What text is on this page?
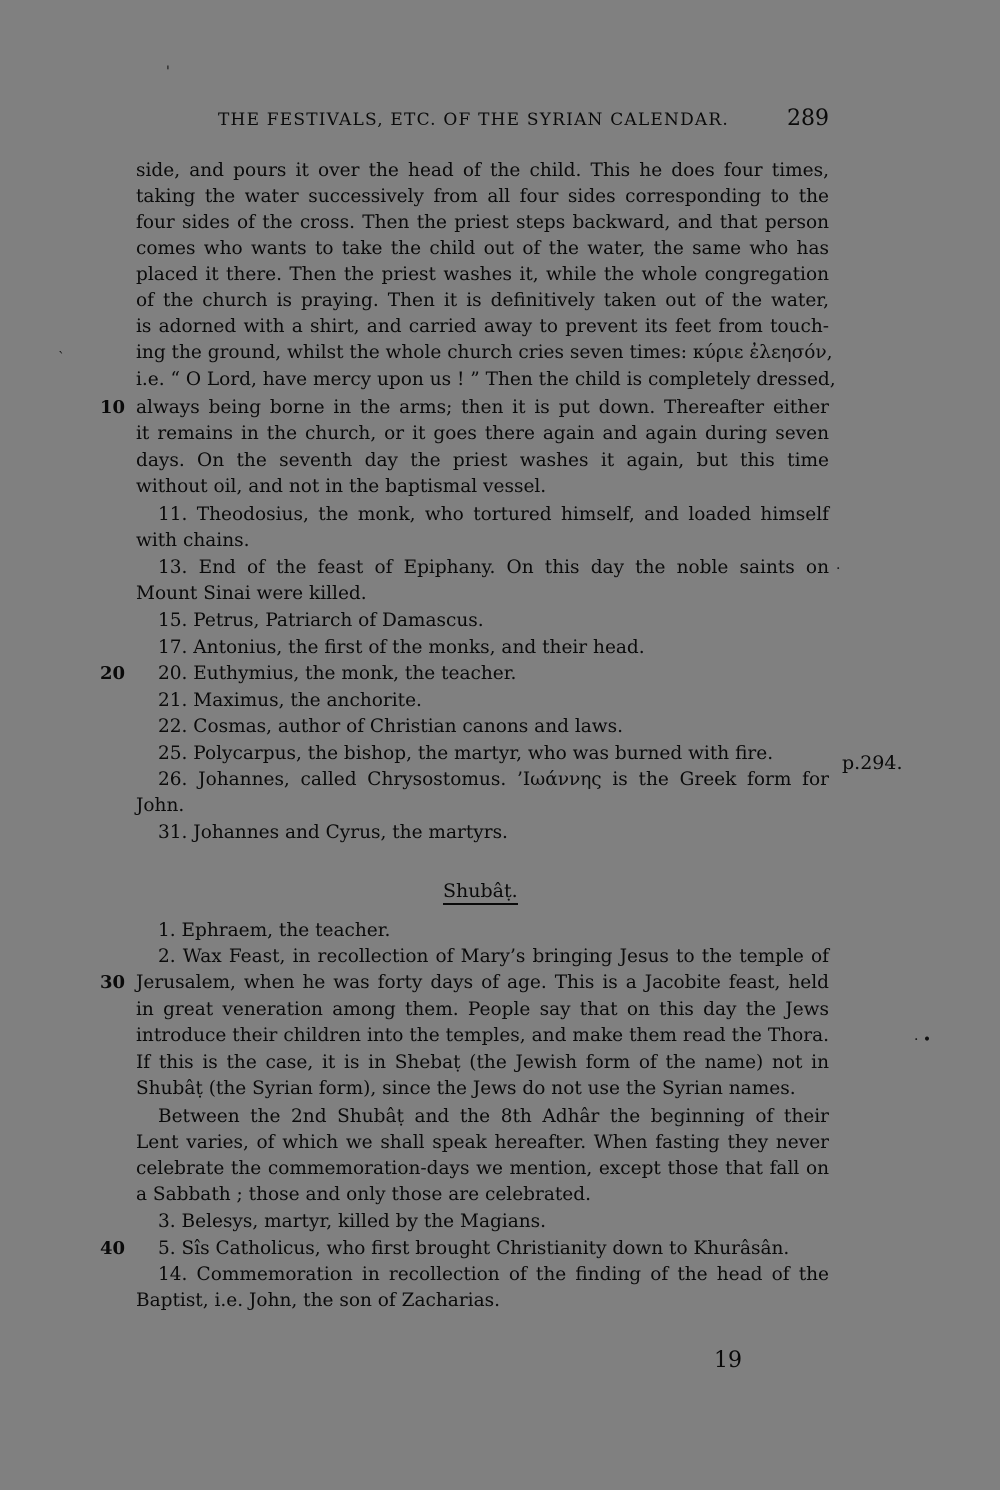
'
THE FESTIVALS, ETC. OF THE SYRIAN CALENDAR.	289
side, and pours it over the head of the child. This he does four times,
taking the water successively from all four sides corresponding to the
four sides of the cross. Then the priest steps backward, and that person
comes who wants to take the child out of the water, the same who has
placed it there. Then the priest washes it, while the whole congregation
of the church is praying. Then it is definitively taken out of the water,
is adorned with a shirt, and carried away to prevent its feet from touch-
ing the ground, whilst the whole church cries seven times: κύριε ἐλεησόν,
i.e. “ O Lord, have mercy upon us ! ” Then the child is completely dressed,
always being borne in the arms; then it is put down. Thereafter either
it remains in the church, or it goes there again and again during seven
days. On the seventh day the priest washes it again, but this time
without oil, and not in the baptismal vessel.
11. Theodosius, the monk, who tortured himself, and loaded himself
with chains.
13. End of the feast of Epiphany. On this day the noble saints on
Mount Sinai were killed.
15. Petrus, Patriarch of Damascus.
17. Antonius, the first of the monks, and their head.
20. Euthymius, the monk, the teacher.
21. Maximus, the anchorite.
22. Cosmas, author of Christian canons and laws.
25. Polycarpus, the bishop, the martyr, who was burned with fire.
26. Johannes, called Chrysostomus. ’Ιωάννης is the Greek form for
John.
31. Johannes and Cyrus, the martyrs.
Shubâṭ.
1. Ephraem, the teacher.
2. Wax Feast, in recollection of Mary’s bringing Jesus to the temple of
Jerusalem, when he was forty days of age. This is a Jacobite feast, held
in great veneration among them. People say that on this day the Jews
introduce their children into the temples, and make them read the Thora.
If this is the case, it is in Shebaṭ (the Jewish form of the name) not in
Shubâṭ (the Syrian form), since the Jews do not use the Syrian names.
Between the 2nd Shubâṭ and the 8th Adhâr the beginning of their
Lent varies, of which we shall speak hereafter. When fasting they never
celebrate the commemoration-days we mention, except those that fall on
a Sabbath ; those and only those are celebrated.
3. Belesys, martyr, killed by the Magians.
5. Sîs Catholicus, who first brought Christianity down to Khurâsân.
14. Commemoration in recollection of the finding of the head of the
Baptist, i.e. John, the son of Zacharias.
10
20
30
40
p.294.
·
· •
ˋ
19
